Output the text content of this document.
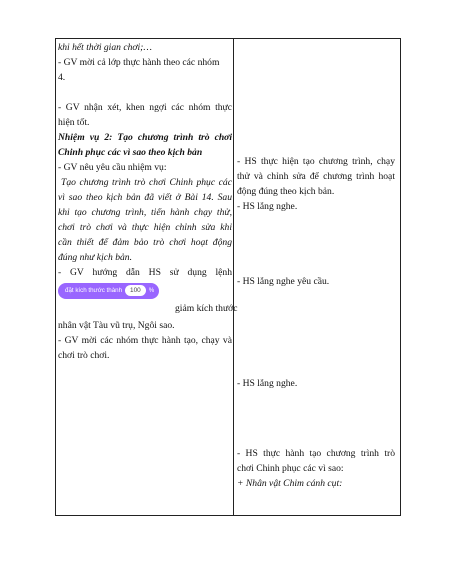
khi hết thời gian chơi;…
- GV mời cả lớp thực hành theo các nhóm
4.
- GV nhận xét, khen ngợi các nhóm thực
hiện tốt.
Nhiệm vụ 2: Tạo chương trình trò chơi
Chinh phục các vì sao theo kịch bản
- GV nêu yêu cầu nhiệm vụ:
Tạo chương trình trò chơi Chinh phục các
vì sao theo kịch bản đã viết ở Bài 14. Sau
khi tạo chương trình, tiến hành chạy thử,
chơi trò chơi và thực hiện chỉnh sửa khi
cần thiết để đảm bảo trò chơi hoạt động
đúng như kịch bản.
- GV hướng dẫn HS sử dụng lệnh
đặt kích thước thành 100 %
giảm kích thước
nhân vật Tàu vũ trụ, Ngôi sao.
- GV mời các nhóm thực hành tạo, chạy và
chơi trò chơi.
- HS thực hiện tạo chương trình, chạy
thử và chỉnh sửa để chương trình hoạt
động đúng theo kịch bản.
- HS lắng nghe.
- HS lắng nghe yêu cầu.
- HS lắng nghe.
- HS thực hành tạo chương trình trò
chơi Chinh phục các vì sao:
+ Nhân vật Chim cánh cụt:
